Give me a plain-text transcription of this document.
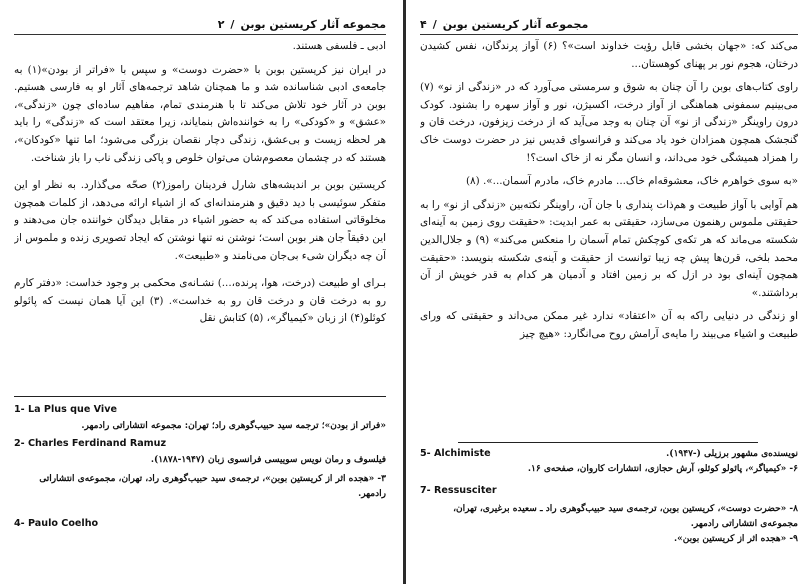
مجموعه آثار کریستین بوبن
/
۲

ادبی ـ فلسفی هستند.

در ایران نیز کریستین بوبن با «حضرت دوست» و سپس با «فراتر از بودن»(۱) به جامعه‌ی ادبی شناسانده شد و ما همچنان شاهد ترجمه‌های آثار او به فارسی هستیم. بوبن در آثار خود تلاش می‌کند تا با هنرمندی تمام، مفاهیم ساده‌ای چون «زندگی»، «عشق» و «کودکی» را به خواننده‌اش بنمایاند، زیرا معتقد است که «زندگی» را باید هر لحظه زیست و بی‌عشق، زندگی دچار نقصان بزرگی می‌شود؛ اما تنها «کودکان»، هستند که در چشمان معصوم‌شان می‌توان خلوص و پاکی زندگی ناب را باز شناخت.

کریستین بوبن بر اندیشه‌های شارل فردینان راموز(۲) صحّه می‌گذارد. به نظر او این متفکر سوئیسی با دید دقیق و هنرمندانه‌ای که از اشیاء ارائه می‌دهد، از کلمات همچون مخلوقاتی استفاده می‌کند که به حضور اشیاء در مقابل دیدگان خواننده جان می‌دهند و این دقیقاً جان هنر بوبن است؛ نوشتن نه تنها نوشتن که ایجاد تصویری زنده و ملموس از آن چه دیگران شیء بی‌جان می‌نامند و «طبیعت».

بـرای او طبیعت (درخت، هوا، پرنده،...) نشـانه‌ی محکمی بر وجود خداست: «دفتر کارم رو به درخت قان و درخت قان رو به خداست». (۳) این آیا همان نیست که پائولو کوئلو(۴) از زبان «کیمیاگر»، (۵) کتابش نقل

1- La Plus que Vive
«فراتر از بودن»؛ ترجمه سید حبیب‌گوهری راد؛ تهران: مجموعه انتشاراتی رادمهر.
2- Charles Ferdinand Ramuz
فیلسوف و رمان نویس سوییسی فرانسوی زبان (۱۹۴۷-۱۸۷۸).
۳- «هجده اثر از کریستین بوبن»، ترجمه‌ی سید حبیب‌گوهری راد، تهران، مجموعه‌ی انتشاراتی رادمهر.
4- Paulo Coelho
مجموعه آثار کریستین بوبن
/
۴

می‌کند که: «جهان بخشی قابل رؤیت خداوند است»؟ (۶) آواز پرندگان، نفس کشیدن درختان، هجوم نور بر پهنای کوهستان...

راوی کتاب‌های بوبن را آن چنان به شوق و سرمستی می‌آورد که در «زندگی از نو» (۷) می‌بینیم سمفونی هماهنگی از آواز درخت، اکسیژن، نور و آواز سهره را بشنود. کودک درون راوینگر «زندگی از نو» آن چنان به وجد می‌آید که از درخت زیزفون، درخت قان و گنجشک همچون همزادان خود یاد می‌کند و فرانسوای قدیس نیز در حضرت دوست خاک را همزاد همیشگی خود می‌داند، و انسان مگر نه از خاک است؟!

«به سوی خواهرم خاک، معشوقه‌ام خاک... مادرم خاک، مادرم آسمان...». (۸)

هم آوایی با آواز طبیعت و هم‌ذات پنداری با جان آن، راوینگر نکته‌بین «زندگی از نو» را به حقیقتی ملموس رهنمون می‌سازد، حقیقتی به عمر ابدیت: «حقیقت روی زمین به آینه‌ای شکسته می‌ماند که هر تکه‌ی کوچکش تمام آسمان را منعکس می‌کند» (۹) و جلال‌الدین محمد بلخی، قرن‌ها پیش چه زیبا توانست از حقیقت و آینه‌ی شکسته بنویسد: «حقیقت همچون آینه‌ای بود در ازل که بر زمین افتاد و آدمیان هر کدام به قدر خویش از آن برداشتند.»

او زندگی در دنیایی راکه به آن «اعتقاد» ندارد غیر ممکن می‌داند و حقیقتی که ورای طبیعت و اشیاء می‌بیند را مایه‌ی آرامش روح می‌انگارد: «هیچ چیز

5- Alchimiste	نویسنده‌ی مشهور برزیلی (-۱۹۴۷).
۶- «کیمیاگر»، پائولو کوئلو، آرش حجازی، انتشارات کاروان، صفحه‌ی ۱۶.
7- Ressusciter
۸- «حضرت دوست»، کریستین بوبن، ترجمه‌ی سید حبیب‌گوهری راد ـ سعیده برغیری، تهران، مجموعه‌ی انتشاراتی رادمهر.
۹- «هجده اثر از کریستین بوبن».
